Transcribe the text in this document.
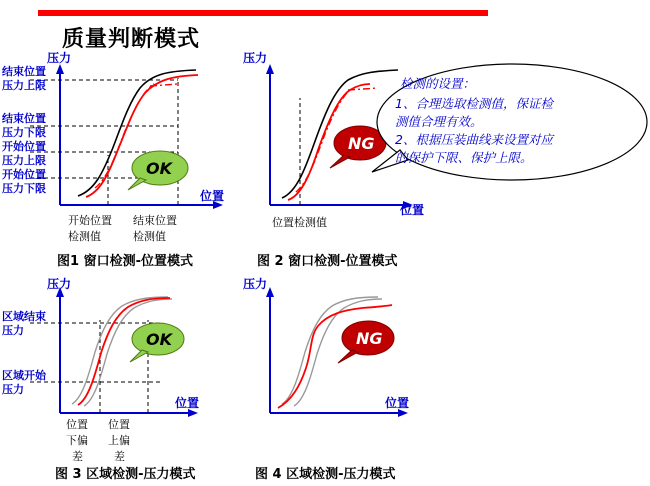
质量判断模式
压力
位置
结束位置
压力上限
结束位置
压力下限
开始位置
压力上限
开始位置
压力下限
开始位置
检测值
结束位置
检测值
OK
图1 窗口检测-位置模式
压力
位置
位置检测值
NG
图 2 窗口检测-位置模式
检测的设置：
1、合理选取检测值，保证检
测值合理有效。
2、根据压装曲线来设置对应
的保护下限、保护上限。
压力
位置
区域结束
压力
区域开始
压力
位置 位置
下偏 上偏
差	差
OK
图 3 区域检测-压力模式
压力
位置
NG
图 4 区域检测-压力模式
